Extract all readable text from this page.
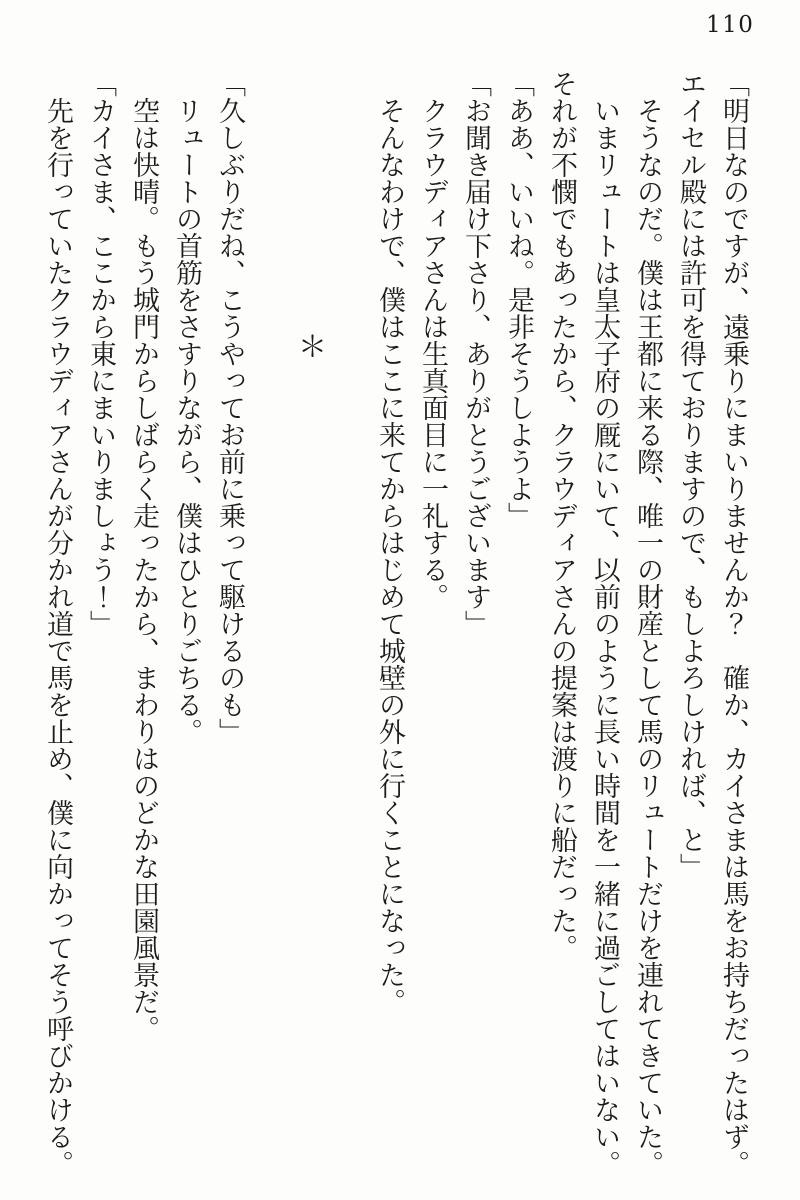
110

「明日なのですが、遠乗りにまいりませんか？　確か、カイさまは馬をお持ちだったはず。エイセル殿には許可を得ておりますので、もしよろしければ、と」

そうなのだ。僕は王都に来る際、唯一の財産として馬のリュートだけを連れてきていた。

いまリュートは皇太子府の厩にいて、以前のように長い時間を一緒に過ごしてはいない。それが不憫でもあったから、クラウディアさんの提案は渡りに船だった。

「ああ、いいね。是非そうしようよ」

「お聞き届け下さり、ありがとうございます」

クラウディアさんは生真面目に一礼する。

そんなわけで、僕はここに来てからはじめて城壁の外に行くことになった。

＊

「久しぶりだね、こうやってお前に乗って駆けるのも」

リュートの首筋をさすりながら、僕はひとりごちる。

空は快晴。もう城門からしばらく走ったから、まわりはのどかな田園風景だ。

「カイさま、ここから東にまいりましょう！」

先を行っていたクラウディアさんが分かれ道で馬を止め、僕に向かってそう呼びかける。
